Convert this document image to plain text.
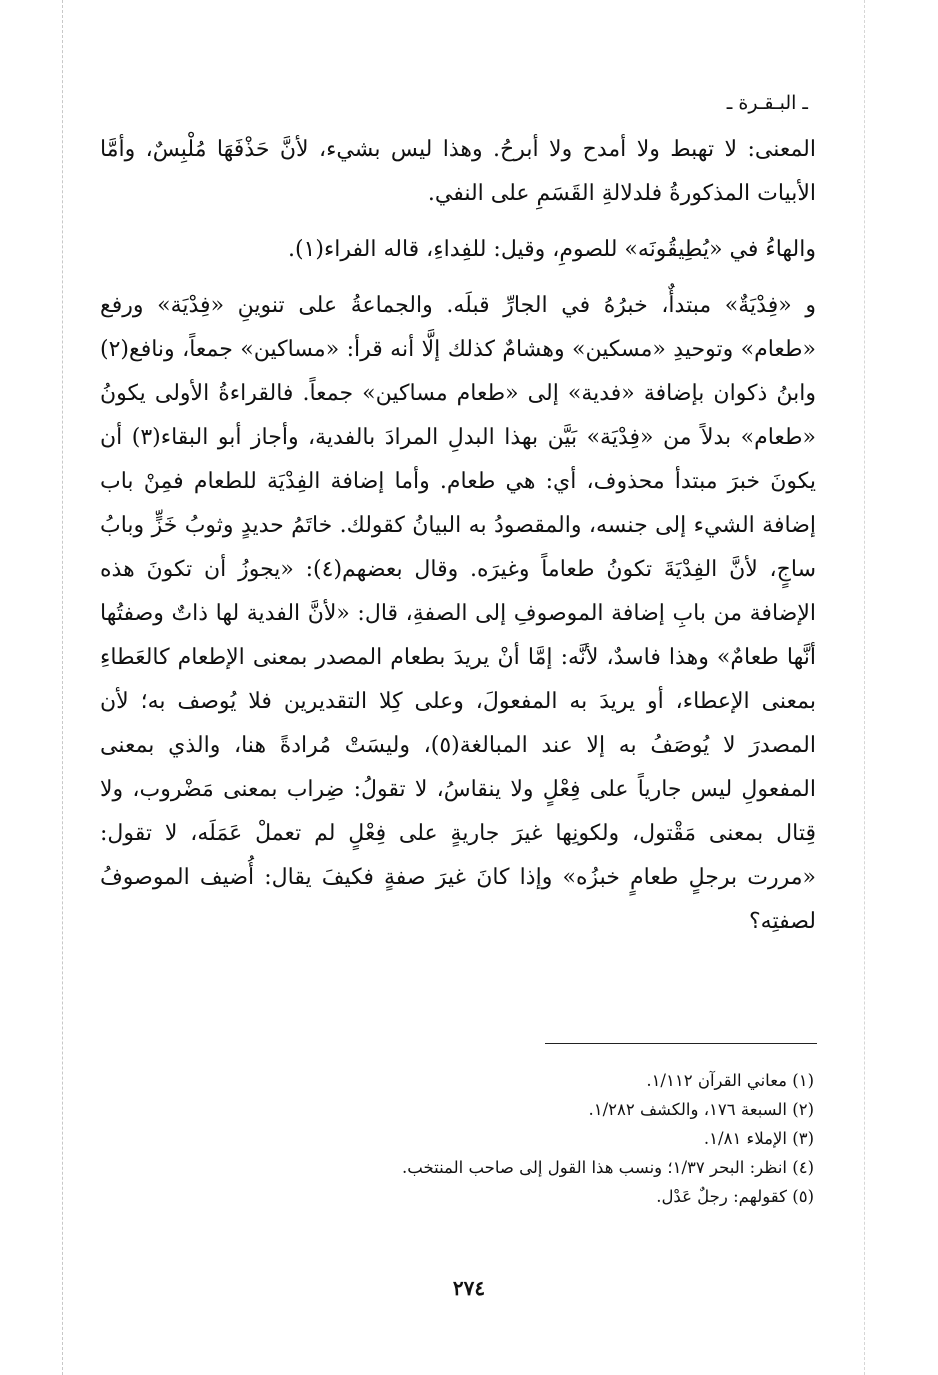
ـ البـقـرة ـ

المعنى: لا تهبط ولا أمدح ولا أبرحُ. وهذا ليس بشيء، لأنَّ حَذْفَهَا مُلْبِسٌ، وأمَّا الأبيات المذكورةُ فلدلالةِ القَسَمِ على النفي.

والهاءُ في «يُطِيقُونَه» للصومِ، وقيل: للفِداءِ، قاله الفراء(١).

و «فِدْيَةٌ» مبتدأٌ، خبرُهُ في الجارِّ قبلَه. والجماعةُ على تنوينِ «فِدْيَة» ورفع «طعام» وتوحيدِ «مسكين» وهشامٌ كذلك إلَّا أنه قرأ: «مساكين» جمعاً، ونافع(٢) وابنُ ذكوان بإضافة «فدية» إلى «طعام مساكين» جمعاً. فالقراءةُ الأولى يكونُ «طعام» بدلاً من «فِدْيَة» بَيَّن بهذا البدلِ المرادَ بالفدية، وأجاز أبو البقاء(٣) أن يكونَ خبرَ مبتدأ محذوف، أي: هي طعام. وأما إضافة الفِدْيَة للطعام فمِنْ باب إضافة الشيء إلى جنسه، والمقصودُ به البيانُ كقولك. خاتَمُ حديدٍ وثوبُ خَزٍّ وبابُ ساجٍ، لأنَّ الفِدْيَةَ تكونُ طعاماً وغيرَه. وقال بعضهم(٤): «يجوزُ أن تكونَ هذه الإضافة من بابِ إضافة الموصوفِ إلى الصفةِ، قال: «لأنَّ الفدية لها ذاتٌ وصفتُها أنَّها طعامٌ» وهذا فاسدٌ، لأنَّه: إمَّا أنْ يريدَ بطعام المصدر بمعنى الإطعام كالعَطاءِ بمعنى الإعطاء، أو يريدَ به المفعولَ، وعلى كِلا التقديرين فلا يُوصف به؛ لأن المصدرَ لا يُوصَفُ به إلا عند المبالغة(٥)، وليسَتْ مُرادةً هنا، والذي بمعنى المفعولِ ليس جارياً على فِعْلٍ ولا ينقاسُ، لا تقولُ: ضِراب بمعنى مَضْروب، ولا قِتال بمعنى مَقْتول، ولكونِها غيرَ جاريةٍ على فِعْلٍ لم تعملْ عَمَلَه، لا تقول: «مررت برجلٍ طعامٍ خبزُه» وإذا كانَ غيرَ صفةٍ فكيفَ يقال: أُضيف الموصوفُ لصفتِه؟

(١) معاني القرآن ١/١١٢.
(٢) السبعة ١٧٦، والكشف ١/٢٨٢.
(٣) الإملاء ١/٨١.
(٤) انظر: البحر ١/٣٧؛ ونسب هذا القول إلى صاحب المنتخب.
(٥) كقولهم: رجلٌ عَدْل.
٢٧٤
